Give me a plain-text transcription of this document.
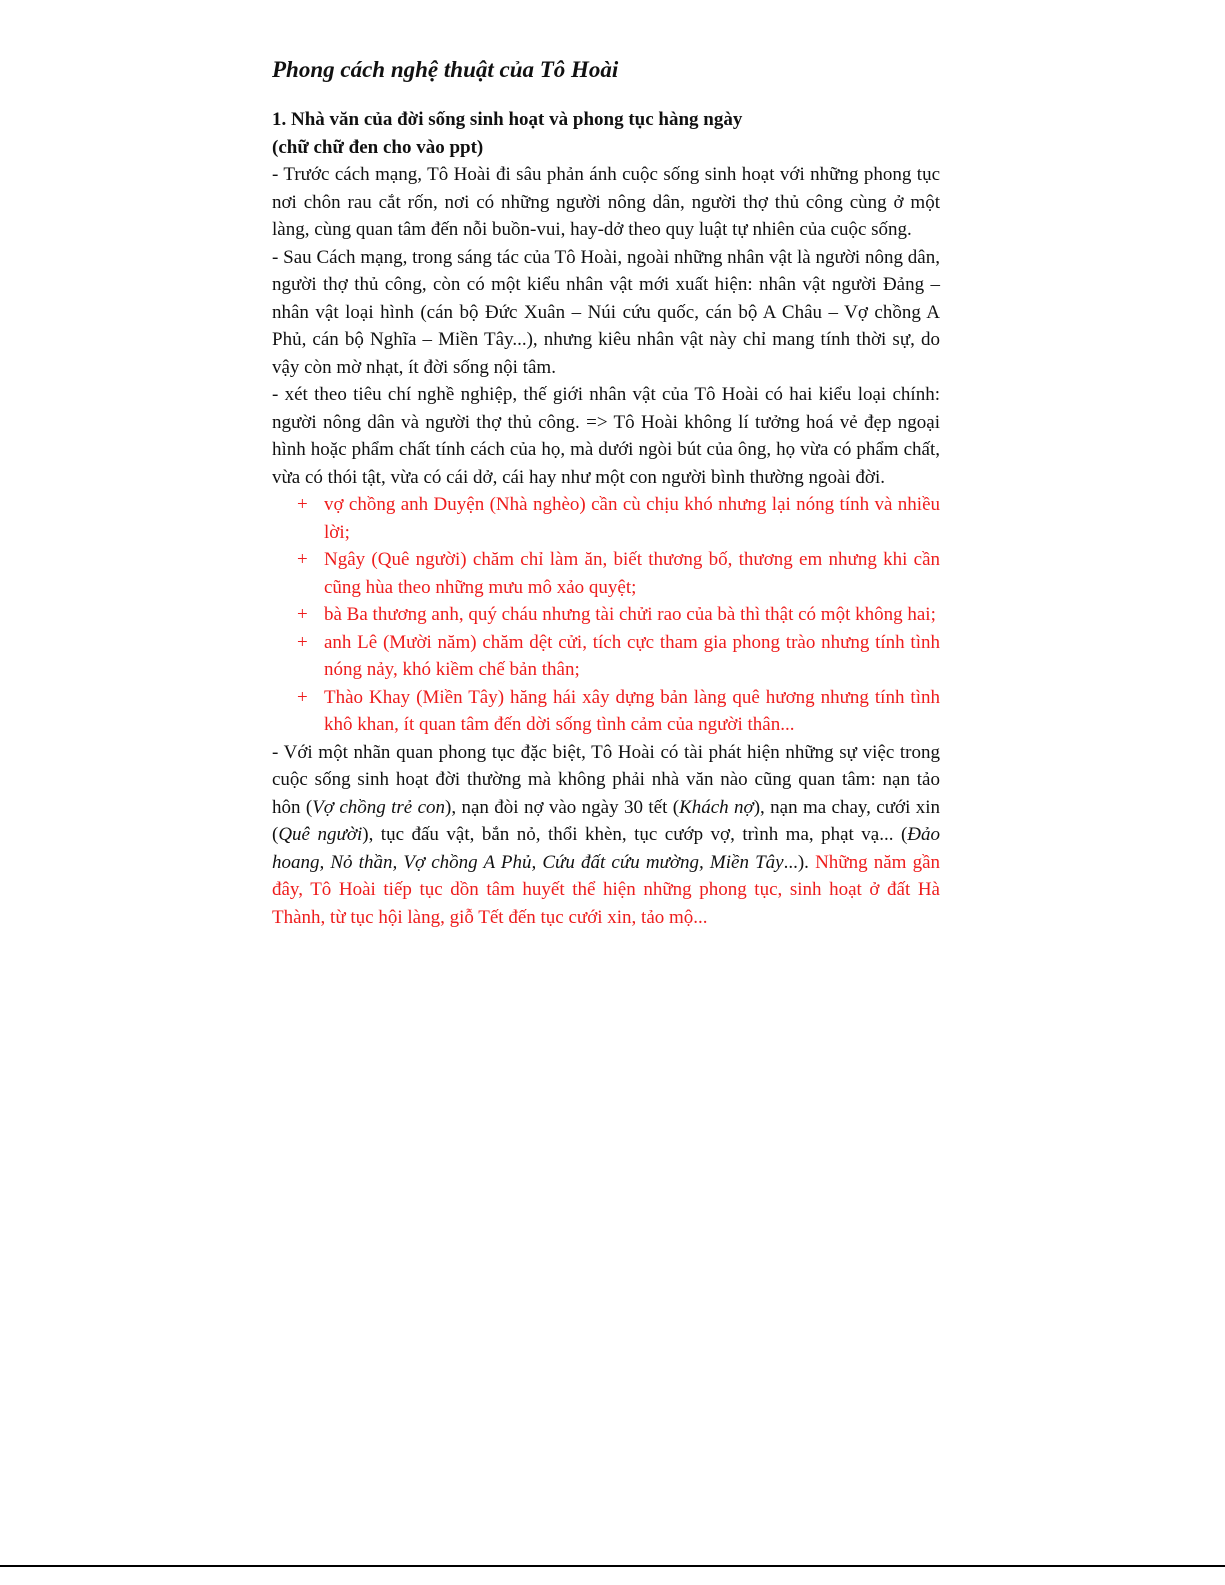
Phong cách nghệ thuật của Tô Hoài

1. Nhà văn của đời sống sinh hoạt và phong tục hàng ngày

(chữ chữ đen cho vào ppt)

- Trước cách mạng, Tô Hoài đi sâu phản ánh cuộc sống sinh hoạt với những phong tục nơi chôn rau cắt rốn, nơi có những người nông dân, người thợ thủ công cùng ở một làng, cùng quan tâm đến nỗi buồn-vui, hay-dở theo quy luật tự nhiên của cuộc sống.

- Sau Cách mạng, trong sáng tác của Tô Hoài, ngoài những nhân vật là người nông dân, người thợ thủ công, còn có một kiểu nhân vật mới xuất hiện: nhân vật người Đảng – nhân vật loại hình (cán bộ Đức Xuân – Núi cứu quốc, cán bộ A Châu – Vợ chồng A Phủ, cán bộ Nghĩa – Miền Tây...), nhưng kiêu nhân vật này chỉ mang tính thời sự, do vậy còn mờ nhạt, ít đời sống nội tâm.

- xét theo tiêu chí nghề nghiệp, thế giới nhân vật của Tô Hoài có hai kiểu loại chính: người nông dân và người thợ thủ công. => Tô Hoài không lí tưởng hoá vẻ đẹp ngoại hình hoặc phẩm chất tính cách của họ, mà dưới ngòi bút của ông, họ vừa có phẩm chất, vừa có thói tật, vừa có cái dở, cái hay như một con người bình thường ngoài đời.

+ vợ chồng anh Duyện (Nhà nghèo) cần cù chịu khó nhưng lại nóng tính và nhiều lời;
+ Ngây (Quê người) chăm chỉ làm ăn, biết thương bố, thương em nhưng khi cần cũng hùa theo những mưu mô xảo quyệt;
+ bà Ba thương anh, quý cháu nhưng tài chửi rao của bà thì thật có một không hai;
+ anh Lê (Mười năm) chăm dệt cửi, tích cực tham gia phong trào nhưng tính tình nóng nảy, khó kiềm chế bản thân;
+ Thào Khay (Miền Tây) hăng hái xây dựng bản làng quê hương nhưng tính tình khô khan, ít quan tâm đến dời sống tình cảm của người thân...

- Với một nhãn quan phong tục đặc biệt, Tô Hoài có tài phát hiện những sự việc trong cuộc sống sinh hoạt đời thường mà không phải nhà văn nào cũng quan tâm: nạn tảo hôn (Vợ chồng trẻ con), nạn đòi nợ vào ngày 30 tết (Khách nợ), nạn ma chay, cưới xin (Quê người), tục đấu vật, bắn nỏ, thổi khèn, tục cướp vợ, trình ma, phạt vạ... (Đảo hoang, Nỏ thần, Vợ chồng A Phủ, Cứu đất cứu mường, Miền Tây...). Những năm gần đây, Tô Hoài tiếp tục dồn tâm huyết thể hiện những phong tục, sinh hoạt ở đất Hà Thành, từ tục hội làng, giỗ Tết đến tục cưới xin, tảo mộ...
